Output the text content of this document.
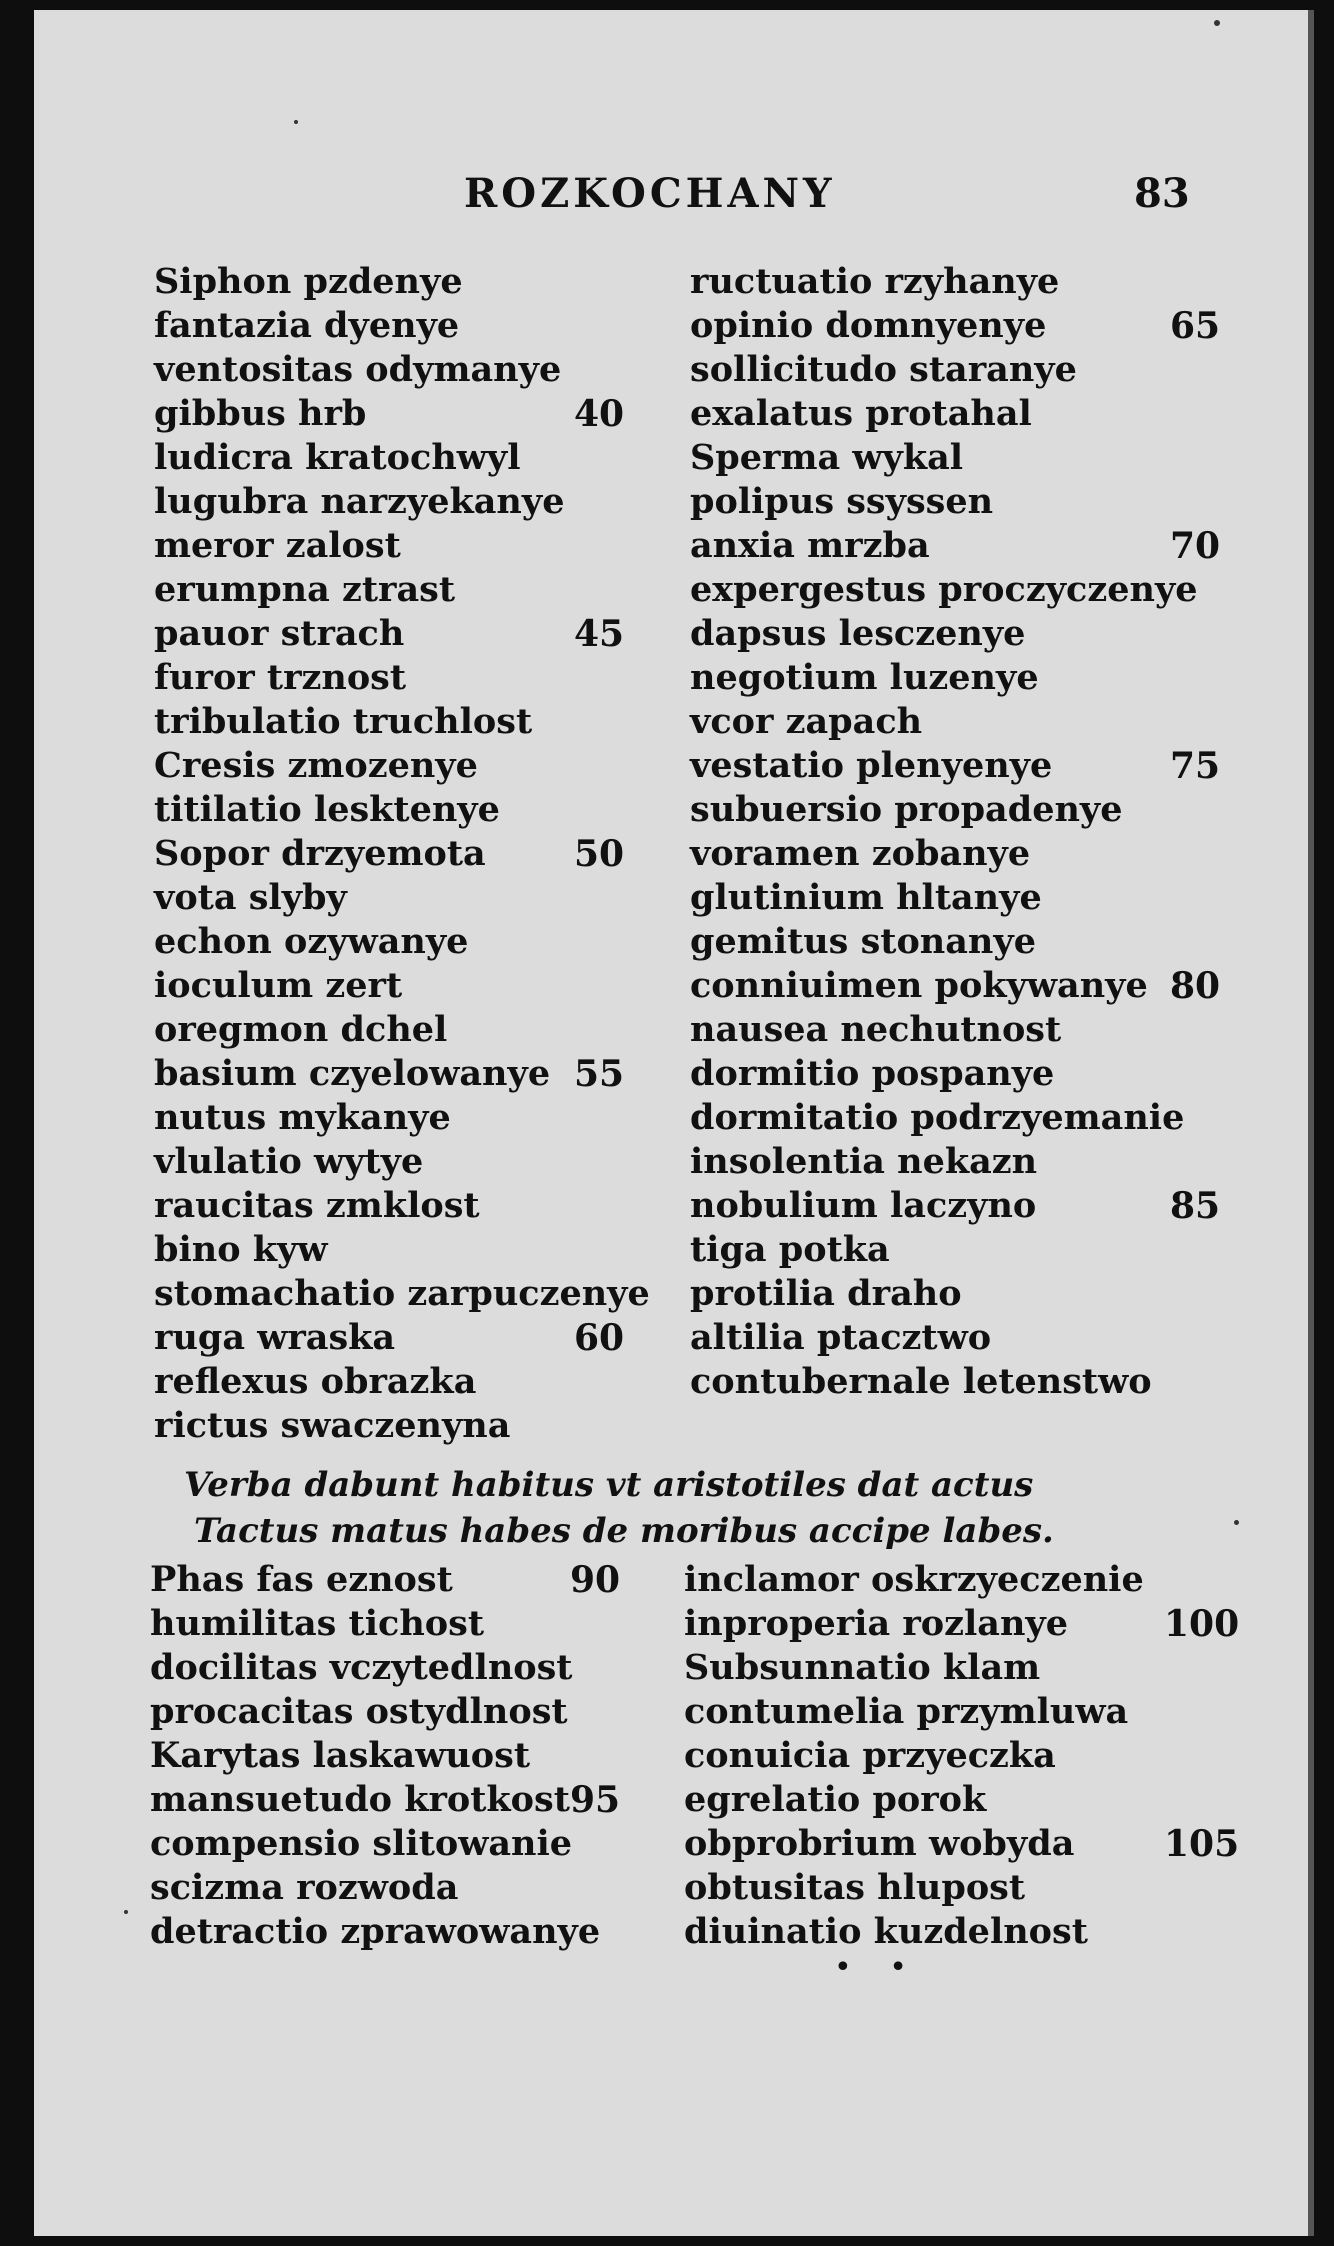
ROZKOCHANY	83
Siphon pzdenye
fantazia dyenye
ventositas odymanye
gibbus hrb	40
ludicra kratochwyl
lugubra narzyekanye
meror zalost
erumpna ztrast
pauor strach	45
furor trznost
tribulatio truchlost
Cresis zmozenye
titilatio lesktenye
Sopor drzyemota 50
vota slyby
echon ozywanye
ioculum zert
oregmon dchel
basium czyelowanye 55
nutus mykanye
vlulatio wytye
raucitas zmklost
bino kyw
stomachatio zarpuczenye
ruga wraska	60
reflexus obrazka
rictus swaczenyna
ructuatio rzyhanye
opinio domnyenye	65
sollicitudo staranye
exalatus protahal
Sperma wykal
polipus ssyssen
anxia mrzba	70
expergestus proczyczenye
dapsus lesczenye
negotium luzenye
vcor zapach
vestatio plenyenye	75
subuersio propadenye
voramen zobanye
glutinium hltanye
gemitus stonanye
conniuimen pokywanye 80
nausea nechutnost
dormitio pospanye
dormitatio podrzyemanie
insolentia nekazn
nobulium laczyno	85
tiga potka
protilia draho
altilia ptacztwo
contubernale letenstwo
Verba dabunt habitus vt aristotiles dat actus
Tactus matus habes de moribus accipe labes.
Phas fas eznost	90
humilitas tichost
docilitas vczytedlnost
procacitas ostydlnost
Karytas laskawuost
mansuetudo krotkost 95
compensio slitowanie
scizma rozwoda
detractio zprawowanye
inclamor oskrzyeczenie
inproperia rozlanye	100
Subsunnatio klam
contumelia przymluwa
conuicia przyeczka
egrelatio porok
obprobrium wobyda 105
obtusitas hlupost
diuinatio kuzdelnost
• •
